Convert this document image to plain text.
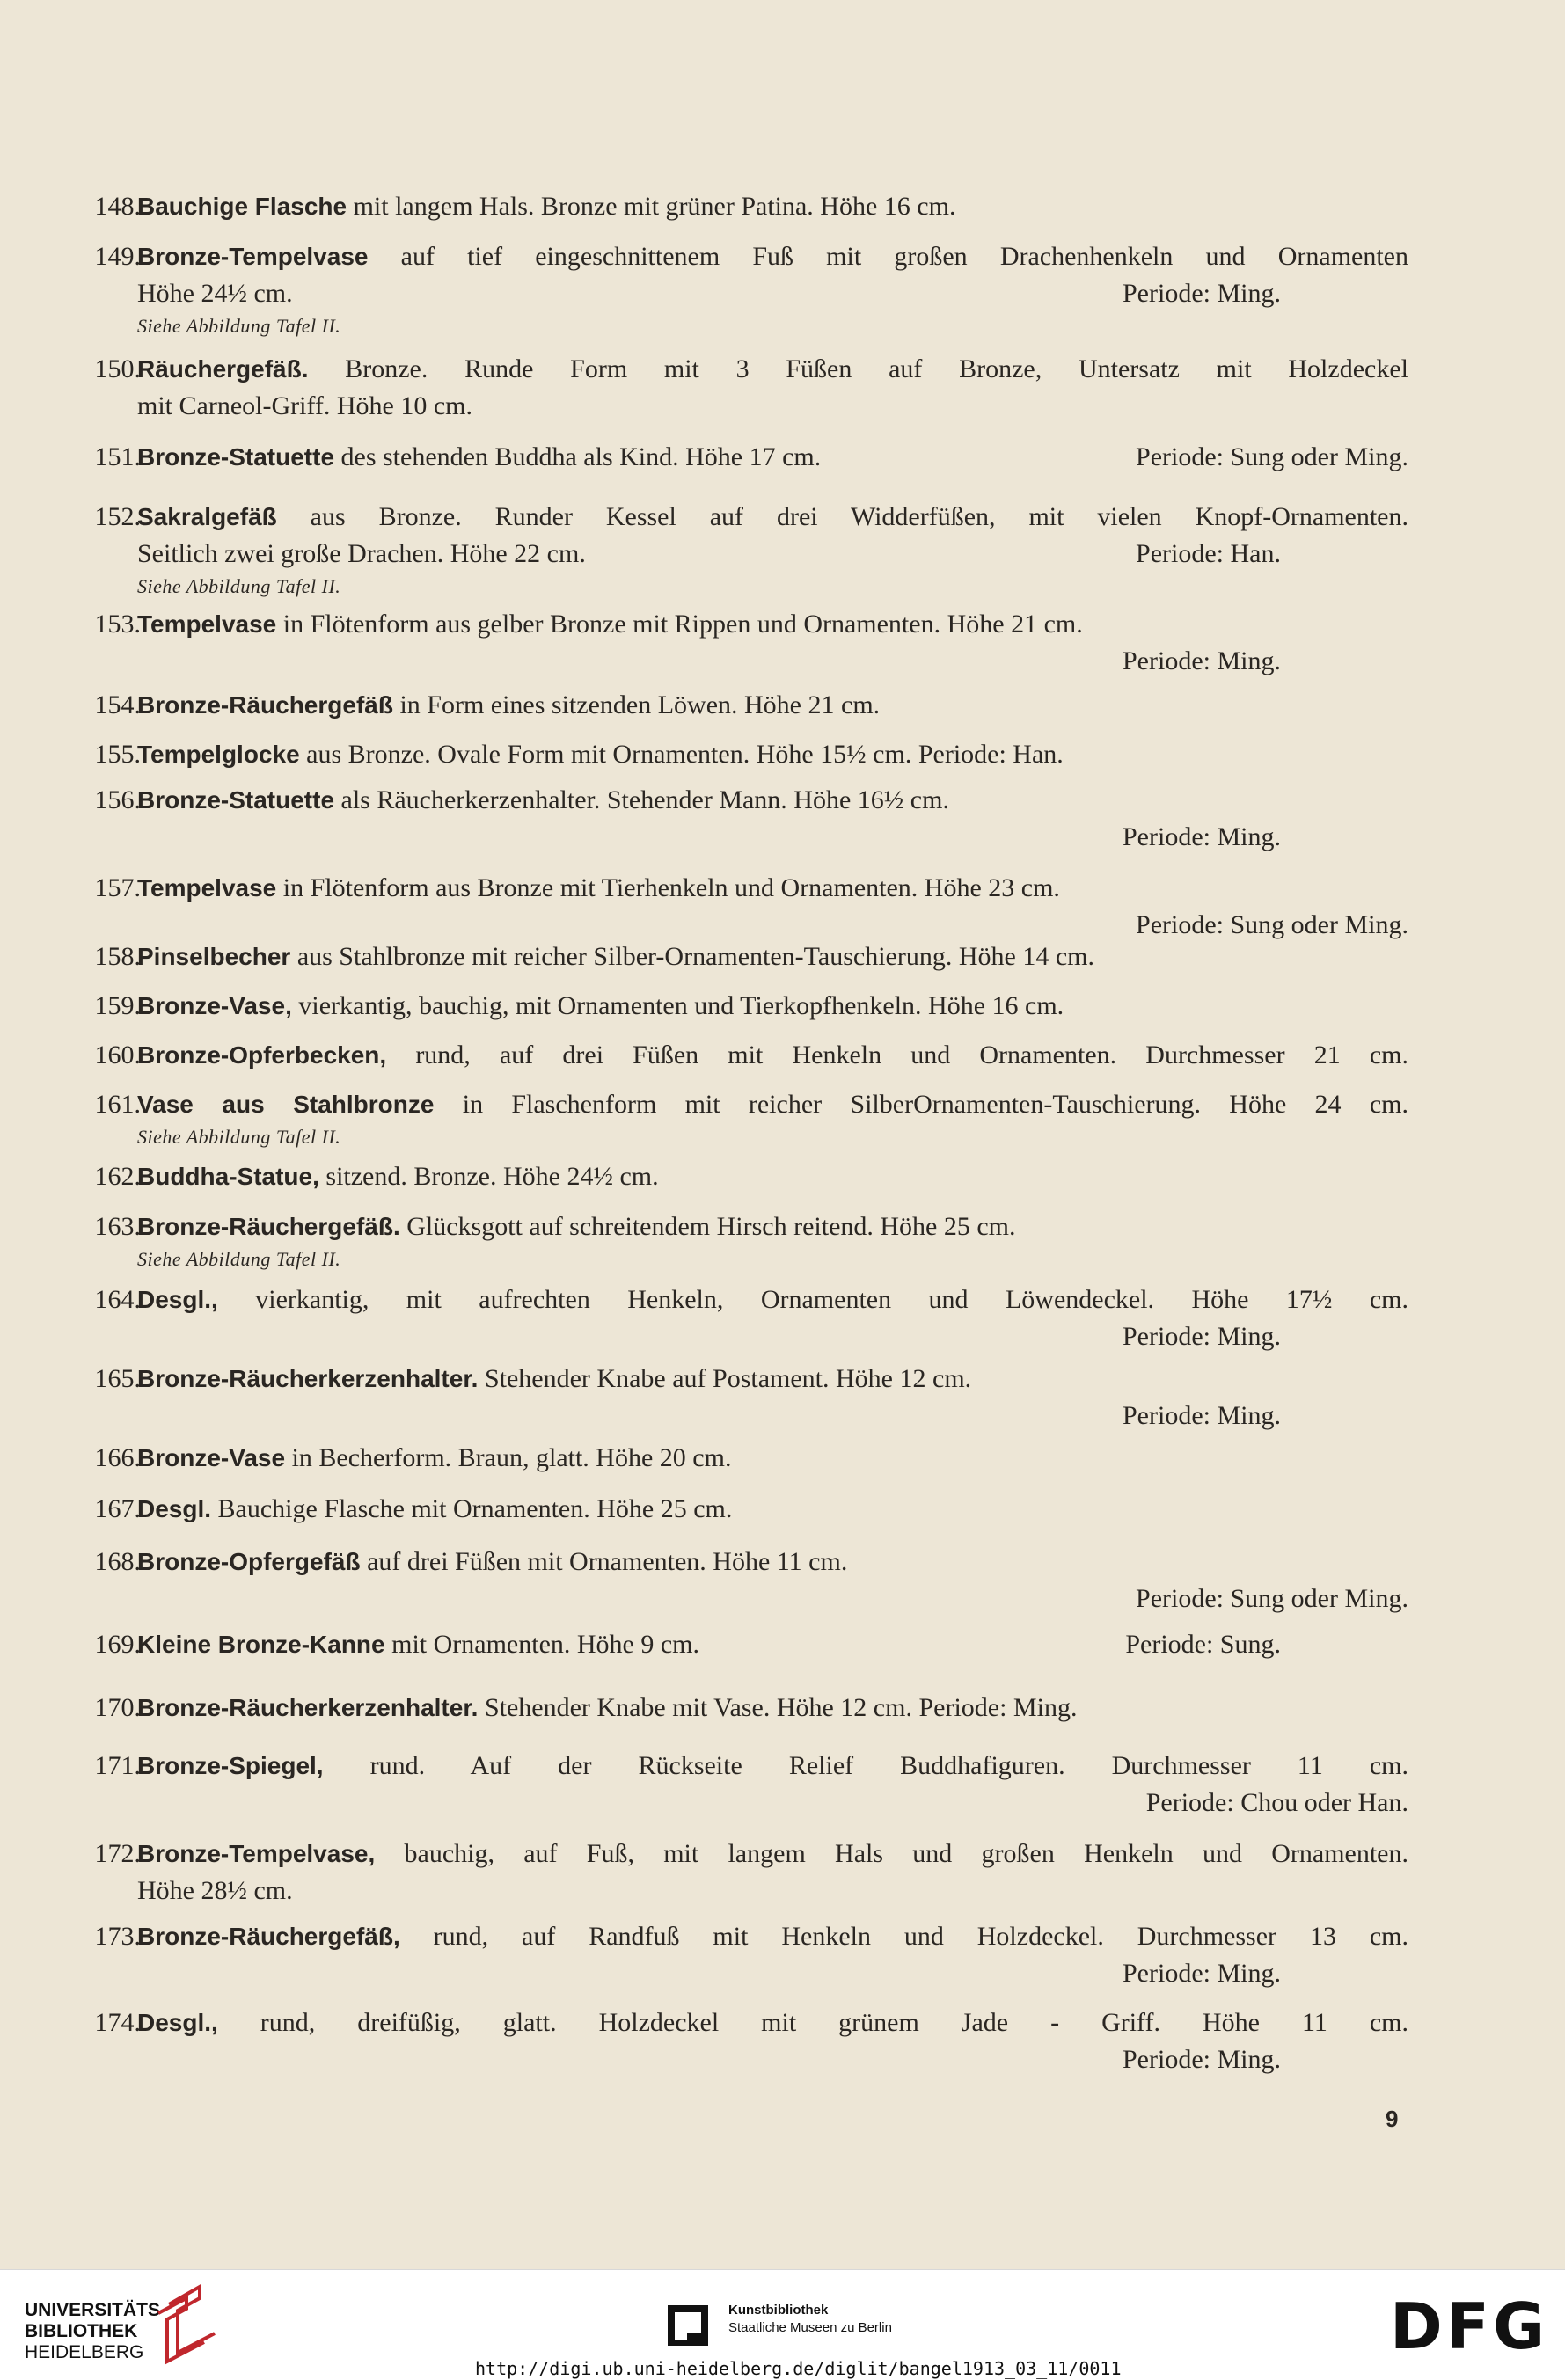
148.
Bauchige Flasche mit langem Hals. Bronze mit grüner Patina. Höhe 16 cm.
149.
Bronze-Tempelvase auf tief eingeschnittenem Fuß mit großen Drachenhenkeln und Ornamenten
Höhe 24½ cm.	Periode: Ming.
Siehe Abbildung Tafel II.
150.
Räuchergefäß. Bronze. Runde Form mit 3 Füßen auf Bronze, Untersatz mit Holzdeckel
mit Carneol-Griff. Höhe 10 cm.
151.
Bronze-Statuette des stehenden Buddha als Kind. Höhe 17 cm.	Periode: Sung oder Ming.
152.
Sakralgefäß aus Bronze. Runder Kessel auf drei Widderfüßen, mit vielen Knopf-Ornamenten.
Seitlich zwei große Drachen. Höhe 22 cm.	Periode: Han.
Siehe Abbildung Tafel II.
153.
Tempelvase in Flötenform aus gelber Bronze mit Rippen und Ornamenten. Höhe 21 cm.
Periode: Ming.
154.
Bronze-Räuchergefäß in Form eines sitzenden Löwen. Höhe 21 cm.
155.
Tempelglocke aus Bronze. Ovale Form mit Ornamenten. Höhe 15½ cm. Periode: Han.
156.
Bronze-Statuette als Räucherkerzenhalter. Stehender Mann. Höhe 16½ cm.
Periode: Ming.
157.
Tempelvase in Flötenform aus Bronze mit Tierhenkeln und Ornamenten. Höhe 23 cm.
Periode: Sung oder Ming.
158.
Pinselbecher aus Stahlbronze mit reicher Silber-Ornamenten-Tauschierung. Höhe 14 cm.
159.
Bronze-Vase, vierkantig, bauchig, mit Ornamenten und Tierkopfhenkeln. Höhe 16 cm.
160.
Bronze-Opferbecken, rund, auf drei Füßen mit Henkeln und Ornamenten. Durchmesser 21 cm.
161.
Vase aus Stahlbronze in Flaschenform mit reicher SilberOrnamenten-Tauschierung. Höhe 24 cm.
Siehe Abbildung Tafel II.
162.
Buddha-Statue, sitzend. Bronze. Höhe 24½ cm.
163.
Bronze-Räuchergefäß. Glücksgott auf schreitendem Hirsch reitend. Höhe 25 cm.
Siehe Abbildung Tafel II.
164.
Desgl., vierkantig, mit aufrechten Henkeln, Ornamenten und Löwendeckel. Höhe 17½ cm.
Periode: Ming.
165.
Bronze-Räucherkerzenhalter. Stehender Knabe auf Postament. Höhe 12 cm.
Periode: Ming.
166.
Bronze-Vase in Becherform. Braun, glatt. Höhe 20 cm.
167.
Desgl. Bauchige Flasche mit Ornamenten. Höhe 25 cm.
168.
Bronze-Opfergefäß auf drei Füßen mit Ornamenten. Höhe 11 cm.
Periode: Sung oder Ming.
169.
Kleine Bronze-Kanne mit Ornamenten. Höhe 9 cm.	Periode: Sung.
170.
Bronze-Räucherkerzenhalter. Stehender Knabe mit Vase. Höhe 12 cm. Periode: Ming.
171.
Bronze-Spiegel, rund. Auf der Rückseite Relief Buddhafiguren. Durchmesser 11 cm.
Periode: Chou oder Han.
172.
Bronze-Tempelvase, bauchig, auf Fuß, mit langem Hals und großen Henkeln und Ornamenten.
Höhe 28½ cm.
173.
Bronze-Räuchergefäß, rund, auf Randfuß mit Henkeln und Holzdeckel. Durchmesser 13 cm.
Periode: Ming.
174.
Desgl., rund, dreifüßig, glatt. Holzdeckel mit grünem Jade - Griff. Höhe 11 cm.
Periode: Ming.
9
UNIVERSITÄTS-
BIBLIOTHEK
HEIDELBERG
Kunstbibliothek
Staatliche Museen zu Berlin	DFG
http://digi.ub.uni-heidelberg.de/diglit/bangel1913_03_11/0011
